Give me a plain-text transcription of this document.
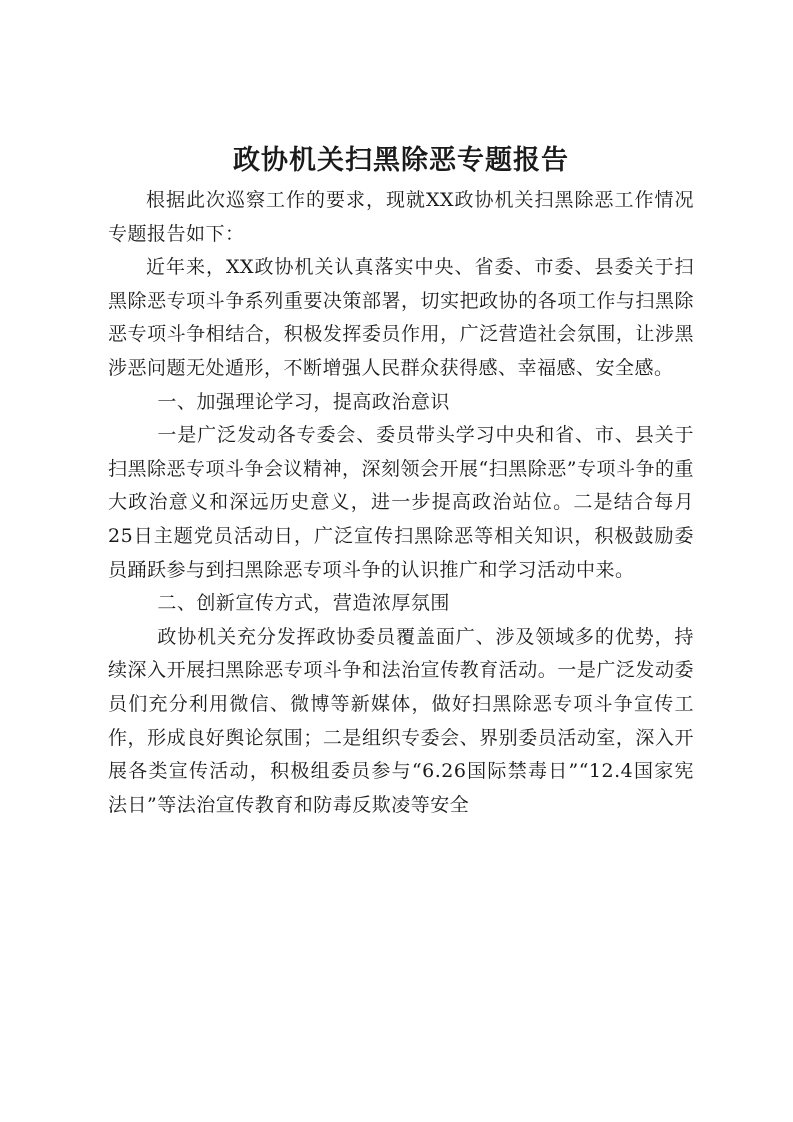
政协机关扫黑除恶专题报告

根据此次巡察工作的要求，现就XX政协机关扫黑除恶工作情况专题报告如下：

近年来，XX政协机关认真落实中央、省委、市委、县委关于扫黑除恶专项斗争系列重要决策部署，切实把政协的各项工作与扫黑除恶专项斗争相结合，积极发挥委员作用，广泛营造社会氛围，让涉黑涉恶问题无处遁形，不断增强人民群众获得感、幸福感、安全感。

一、加强理论学习，提高政治意识

一是广泛发动各专委会、委员带头学习中央和省、市、县关于扫黑除恶专项斗争会议精神，深刻领会开展“扫黑除恶”专项斗争的重大政治意义和深远历史意义，进一步提高政治站位。二是结合每月25日主题党员活动日，广泛宣传扫黑除恶等相关知识，积极鼓励委员踊跃参与到扫黑除恶专项斗争的认识推广和学习活动中来。

二、创新宣传方式，营造浓厚氛围

政协机关充分发挥政协委员覆盖面广、涉及领域多的优势，持续深入开展扫黑除恶专项斗争和法治宣传教育活动。一是广泛发动委员们充分利用微信、微博等新媒体，做好扫黑除恶专项斗争宣传工作，形成良好舆论氛围；二是组织专委会、界别委员活动室，深入开展各类宣传活动，积极组委员参与“6.26国际禁毒日”“12.4国家宪法日”等法治宣传教育和防毒反欺凌等安全
